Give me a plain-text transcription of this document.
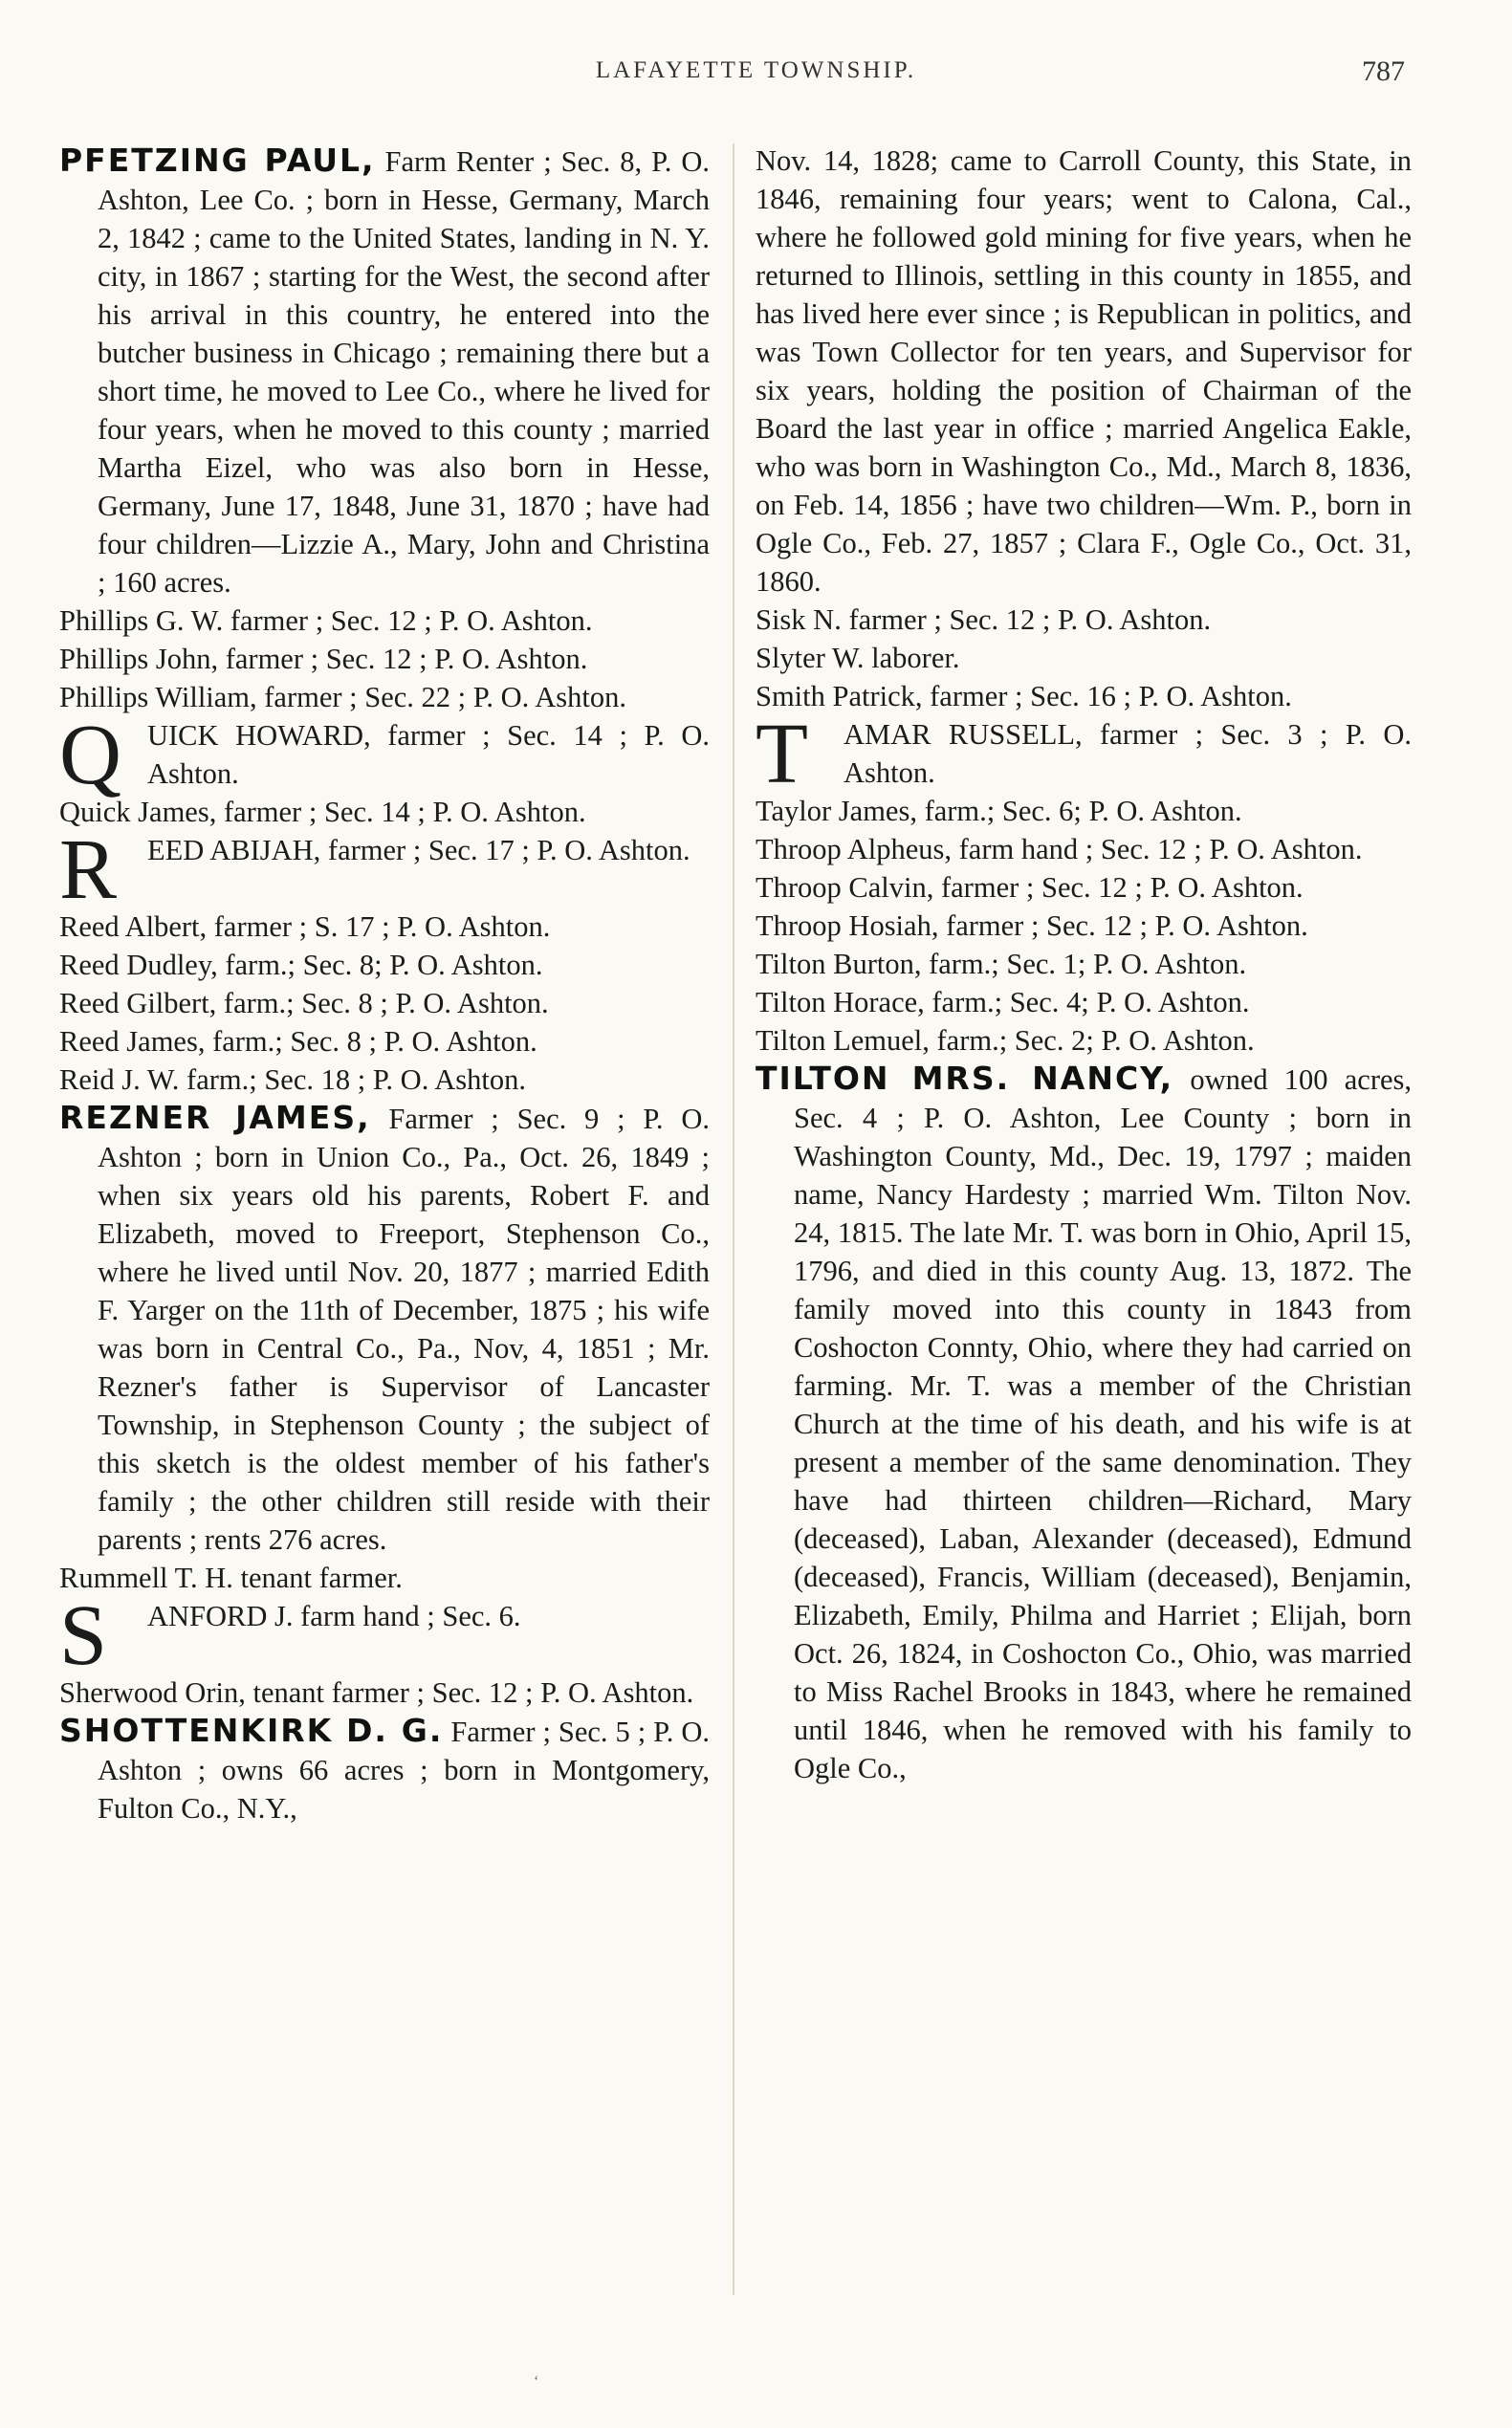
LAFAYETTE TOWNSHIP.	787

PFETZING PAUL, Farm Renter ; Sec. 8, P. O. Ashton, Lee Co. ; born in Hesse, Germany, March 2, 1842 ; came to the United States, landing in N. Y. city, in 1867 ; starting for the West, the second after his arrival in this country, he entered into the butcher business in Chicago ; remaining there but a short time, he moved to Lee Co., where he lived for four years, when he moved to this county ; married Martha Eizel, who was also born in Hesse, Germany, June 17, 1848, June 31, 1870 ; have had four children—Lizzie A., Mary, John and Christina ; 160 acres.

Phillips G. W. farmer ; Sec. 12 ; P. O. Ashton.

Phillips John, farmer ; Sec. 12 ; P. O. Ashton.

Phillips William, farmer ; Sec. 22 ; P. O. Ashton.

Q UICK HOWARD, farmer ; Sec. 14 ; P. O. Ashton.

Quick James, farmer ; Sec. 14 ; P. O. Ashton.

R EED ABIJAH, farmer ; Sec. 17 ; P. O. Ashton.

Reed Albert, farmer ; S. 17 ; P. O. Ashton.

Reed Dudley, farm.; Sec. 8; P. O. Ashton.

Reed Gilbert, farm.; Sec. 8 ; P. O. Ashton.

Reed James, farm.; Sec. 8 ; P. O. Ashton.

Reid J. W. farm.; Sec. 18 ; P. O. Ashton.

REZNER JAMES, Farmer ; Sec. 9 ; P. O. Ashton ; born in Union Co., Pa., Oct. 26, 1849 ; when six years old his parents, Robert F. and Elizabeth, moved to Freeport, Stephenson Co., where he lived until Nov. 20, 1877 ; married Edith F. Yarger on the 11th of December, 1875 ; his wife was born in Central Co., Pa., Nov, 4, 1851 ; Mr. Rezner's father is Supervisor of Lancaster Township, in Stephenson County ; the subject of this sketch is the oldest member of his father's family ; the other children still reside with their parents ; rents 276 acres.

Rummell T. H. tenant farmer.

S ANFORD J. farm hand ; Sec. 6.

Sherwood Orin, tenant farmer ; Sec. 12 ; P. O. Ashton.

SHOTTENKIRK D. G. Farmer ; Sec. 5 ; P. O. Ashton ; owns 66 acres ; born in Montgomery, Fulton Co., N.Y.,

Nov. 14, 1828; came to Carroll County, this State, in 1846, remaining four years; went to Calona, Cal., where he followed gold mining for five years, when he returned to Illinois, settling in this county in 1855, and has lived here ever since ; is Republican in politics, and was Town Collector for ten years, and Supervisor for six years, holding the position of Chairman of the Board the last year in office ; married Angelica Eakle, who was born in Washington Co., Md., March 8, 1836, on Feb. 14, 1856 ; have two children—Wm. P., born in Ogle Co., Feb. 27, 1857 ; Clara F., Ogle Co., Oct. 31, 1860.

Sisk N. farmer ; Sec. 12 ; P. O. Ashton.

Slyter W. laborer.

Smith Patrick, farmer ; Sec. 16 ; P. O. Ashton.

T AMAR RUSSELL, farmer ; Sec. 3 ; P. O. Ashton.

Taylor James, farm.; Sec. 6; P. O. Ashton.

Throop Alpheus, farm hand ; Sec. 12 ; P. O. Ashton.

Throop Calvin, farmer ; Sec. 12 ; P. O. Ashton.

Throop Hosiah, farmer ; Sec. 12 ; P. O. Ashton.

Tilton Burton, farm.; Sec. 1; P. O. Ashton.

Tilton Horace, farm.; Sec. 4; P. O. Ashton.

Tilton Lemuel, farm.; Sec. 2; P. O. Ashton.

TILTON MRS. NANCY, owned 100 acres, Sec. 4 ; P. O. Ashton, Lee County ; born in Washington County, Md., Dec. 19, 1797 ; maiden name, Nancy Hardesty ; married Wm. Tilton Nov. 24, 1815. The late Mr. T. was born in Ohio, April 15, 1796, and died in this county Aug. 13, 1872. The family moved into this county in 1843 from Coshocton Connty, Ohio, where they had carried on farming. Mr. T. was a member of the Christian Church at the time of his death, and his wife is at present a member of the same denomination. They have had thirteen children—Richard, Mary (deceased), Laban, Alexander (deceased), Edmund (deceased), Francis, William (deceased), Benjamin, Elizabeth, Emily, Philma and Harriet ; Elijah, born Oct. 26, 1824, in Coshocton Co., Ohio, was married to Miss Rachel Brooks in 1843, where he remained until 1846, when he removed with his family to Ogle Co.,

ʻ
